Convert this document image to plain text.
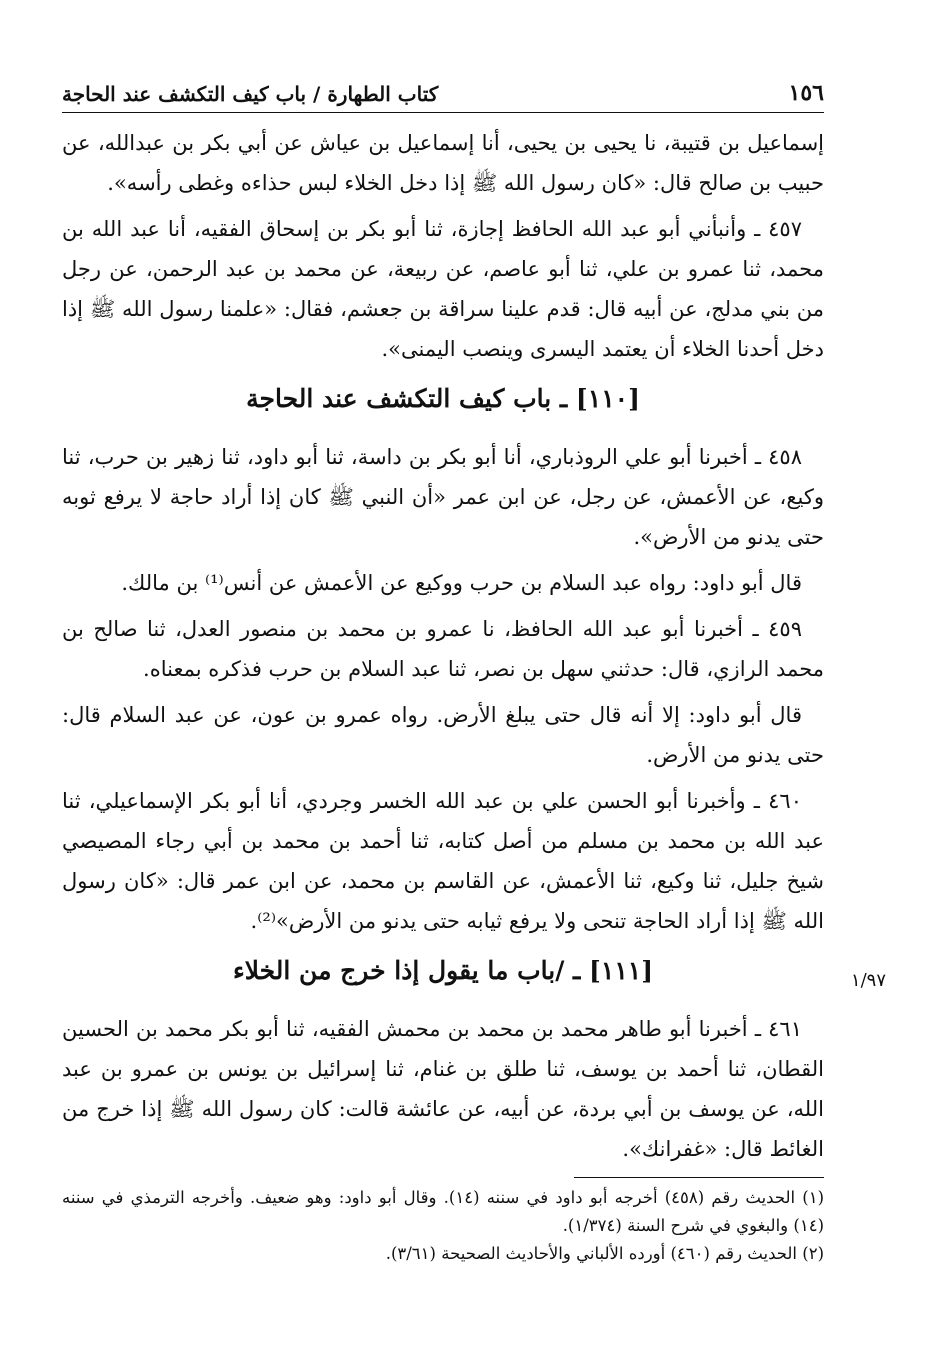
١٥٦
كتاب الطهارة / باب كيف التكشف عند الحاجة

إسماعيل بن قتيبة، نا يحيى بن يحيى، أنا إسماعيل بن عياش عن أبي بكر بن عبدالله، عن حبيب بن صالح قال: «كان رسول الله ﷺ إذا دخل الخلاء لبس حذاءه وغطى رأسه».

٤٥٧ ـ وأنبأني أبو عبد الله الحافظ إجازة، ثنا أبو بكر بن إسحاق الفقيه، أنا عبد الله بن محمد، ثنا عمرو بن علي، ثنا أبو عاصم، عن ربيعة، عن محمد بن عبد الرحمن، عن رجل من بني مدلج، عن أبيه قال: قدم علينا سراقة بن جعشم، فقال: «علمنا رسول الله ﷺ إذا دخل أحدنا الخلاء أن يعتمد اليسرى وينصب اليمنى».

[١١٠] ـ باب كيف التكشف عند الحاجة

٤٥٨ ـ أخبرنا أبو علي الروذباري، أنا أبو بكر بن داسة، ثنا أبو داود، ثنا زهير بن حرب، ثنا وكيع، عن الأعمش، عن رجل، عن ابن عمر «أن النبي ﷺ كان إذا أراد حاجة لا يرفع ثوبه حتى يدنو من الأرض».

قال أبو داود: رواه عبد السلام بن حرب ووكيع عن الأعمش عن أنس⁽¹⁾ بن مالك.

٤٥٩ ـ أخبرنا أبو عبد الله الحافظ، نا عمرو بن محمد بن منصور العدل، ثنا صالح بن محمد الرازي، قال: حدثني سهل بن نصر، ثنا عبد السلام بن حرب فذكره بمعناه.

قال أبو داود: إلا أنه قال حتى يبلغ الأرض. رواه عمرو بن عون، عن عبد السلام قال: حتى يدنو من الأرض.

٤٦٠ ـ وأخبرنا أبو الحسن علي بن عبد الله الخسر وجردي، أنا أبو بكر الإسماعيلي، ثنا عبد الله بن محمد بن مسلم من أصل كتابه، ثنا أحمد بن محمد بن أبي رجاء المصيصي شيخ جليل، ثنا وكيع، ثنا الأعمش، عن القاسم بن محمد، عن ابن عمر قال: «كان رسول الله ﷺ إذا أراد الحاجة تنحى ولا يرفع ثيابه حتى يدنو من الأرض»⁽²⁾.

[١١١] ـ /باب ما يقول إذا خرج من الخلاء	١/٩٧

٤٦١ ـ أخبرنا أبو طاهر محمد بن محمد بن محمش الفقيه، ثنا أبو بكر محمد بن الحسين القطان، ثنا أحمد بن يوسف، ثنا طلق بن غنام، ثنا إسرائيل بن يونس بن عمرو بن عبد الله، عن يوسف بن أبي بردة، عن أبيه، عن عائشة قالت: كان رسول الله ﷺ إذا خرج من الغائط قال: «غفرانك».

(١) الحديث رقم (٤٥٨) أخرجه أبو داود في سننه (١٤). وقال أبو داود: وهو ضعيف. وأخرجه الترمذي في سننه (١٤) والبغوي في شرح السنة (١/٣٧٤).

(٢) الحديث رقم (٤٦٠) أورده الألباني والأحاديث الصحيحة (٣/٦١).
